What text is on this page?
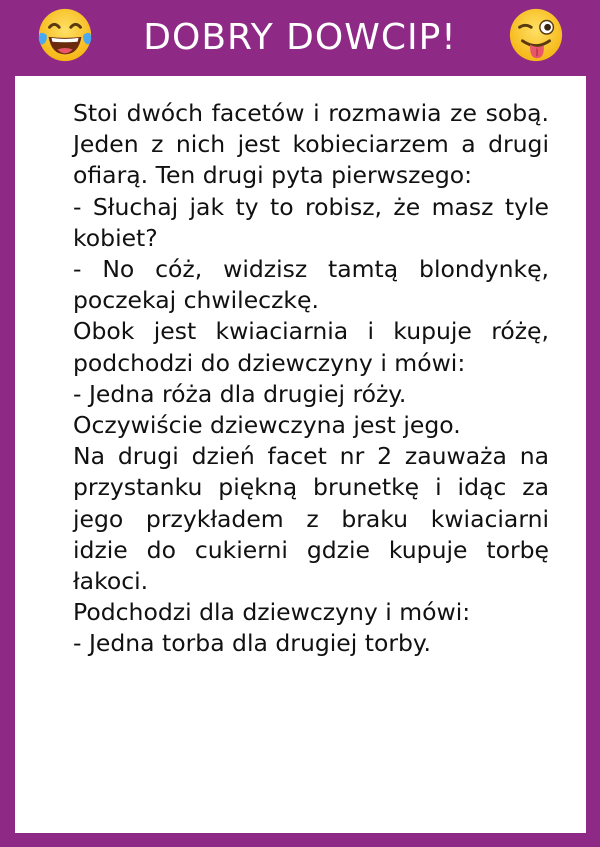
DOBRY DOWCIP!

Stoi dwóch facetów i rozmawia ze sobą. Jeden z nich jest kobieciarzem a drugi ofiarą. Ten drugi pyta pierwszego:

- Słuchaj jak ty to robisz, że masz tyle kobiet?

- No cóż, widzisz tamtą blondynkę, poczekaj chwileczkę.

Obok jest kwiaciarnia i kupuje różę, podchodzi do dziewczyny i mówi:

- Jedna róża dla drugiej róży.

Oczywiście dziewczyna jest jego.

Na drugi dzień facet nr 2 zauważa na przystanku piękną brunetkę i idąc za jego przykładem z braku kwiaciarni idzie do cukierni gdzie kupuje torbę łakoci.

Podchodzi dla dziewczyny i mówi:

- Jedna torba dla drugiej torby.
